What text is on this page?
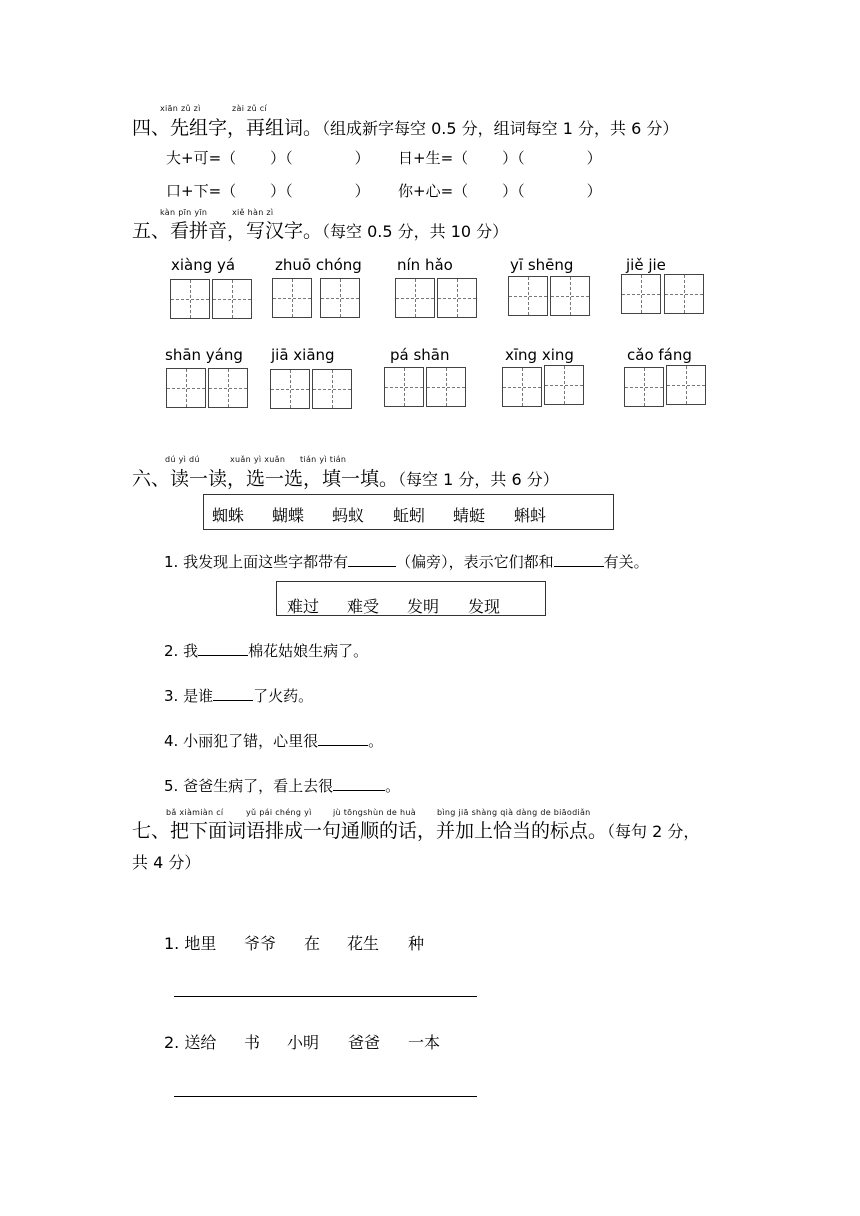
xiān zǔ zì	zài zǔ cí
四、先组字，再组词。（组成新字每空 0.5 分，组词每空 1 分，共 6 分）
大+可=（ ）（	） 日+生=（ ）（	）
口+下=（ ）（	） 你+心=（ ）（	）
kàn pīn yīn	xiě hàn zì
五、看拼音，写汉字。（每空 0.5 分，共 10 分）
xiàng yá	zhuō chóng nín hǎo	yī shēng	jiě jie
shān yáng jiā xiāng	pá shān	xīng xing	cǎo fáng
dú yì dú	xuǎn yì xuǎn tián yì tián
六、读一读，选一选，填一填。（每空 1 分，共 6 分）
蜘蛛 蝴蝶 蚂蚁 蚯蚓 蜻蜓 蝌蚪
1. 我发现上面这些字都带有	（偏旁），表示它们都和	有关。
难过 难受 发明 发现
2. 我	棉花姑娘生病了。
3. 是谁	了火药。
4. 小丽犯了错，心里很	。
5. 爸爸生病了，看上去很	。
bǎ xiàmiàn cí	yǔ pái chéng yì	jù tōngshùn de huà	bìng jiā shàng qià dàng de biāodiǎn
七、把下面词语排成一句通顺的话，并加上恰当的标点。（每句 2 分，
共 4 分）
1. 地里 爷爷 在 花生 种
2. 送给 书 小明 爸爸 一本
